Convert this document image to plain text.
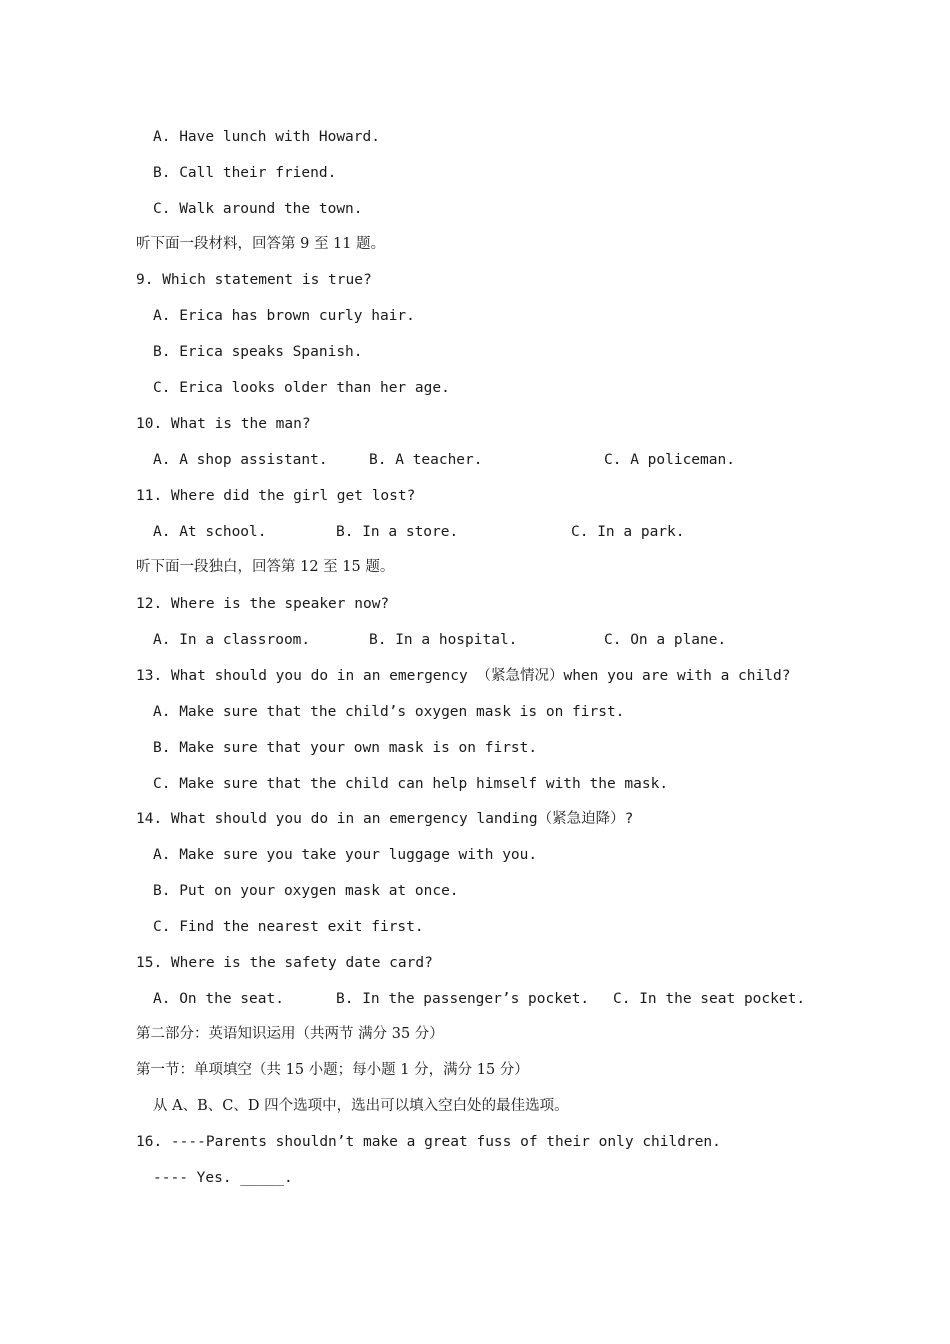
A. Have lunch with Howard.
B. Call their friend.
C. Walk around the town.
听下面一段材料，回答第 9 至 11 题。
9. Which statement is true?
A. Erica has brown curly hair.
B. Erica speaks Spanish.
C. Erica looks older than her age.
10. What is the man?

A. A shop assistant.

	B. A teacher.

	C. A policeman.

11. Where did the girl get lost?

A. At school.

	B. In a store.

	C. In a park.

听下面一段独白，回答第 12 至 15 题。
12. Where is the speaker now?

A. In a classroom.

	B. In a hospital.

	C. On a plane.

13. What should you do in an emergency （紧急情况）when you are with a child?
A. Make sure that the child’s oxygen mask is on first.
B. Make sure that your own mask is on first.
C. Make sure that the child can help himself with the mask.
14. What should you do in an emergency landing（紧急迫降）?
A. Make sure you take your luggage with you.
B. Put on your oxygen mask at once.
C. Find the nearest exit first.
15. Where is the safety date card?

A. On the seat.

	B. In the passenger’s pocket.

C. In the seat pocket.

第二部分：英语知识运用（共两节 满分 35 分）
第一节：单项填空（共 15 小题；每小题 1 分，满分 15 分）
从 A、B、C、D 四个选项中，选出可以填入空白处的最佳选项。
16. ----Parents shouldn’t make a great fuss of their only children.
---- Yes. _____.
